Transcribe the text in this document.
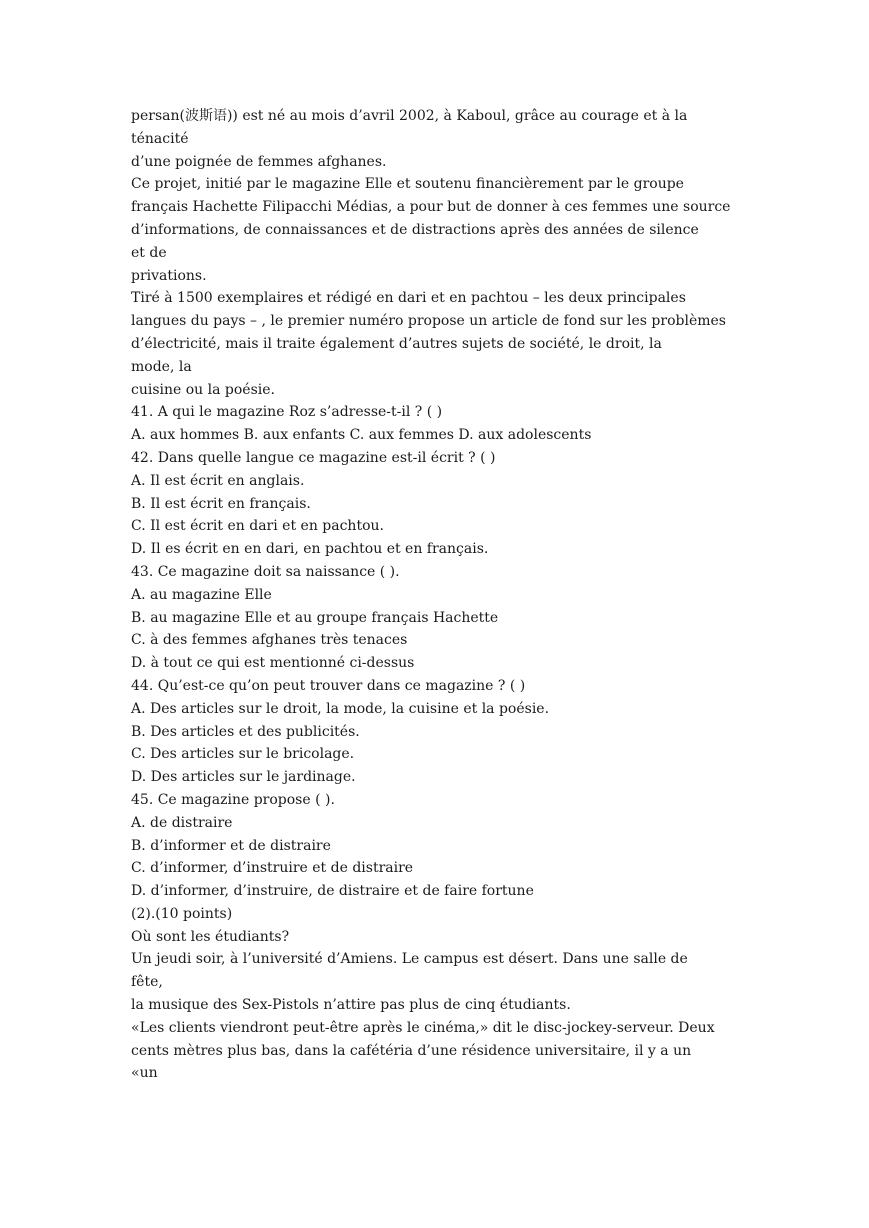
persan(波斯语)) est né au mois d’avril 2002, à Kaboul, grâce au courage et à la
ténacité
d’une poignée de femmes afghanes.
Ce projet, initié par le magazine Elle et soutenu financièrement par le groupe
français Hachette Filipacchi Médias, a pour but de donner à ces femmes une source
d’informations, de connaissances et de distractions après des années de silence
et de
privations.
Tiré à 1500 exemplaires et rédigé en dari et en pachtou – les deux principales
langues du pays – , le premier numéro propose un article de fond sur les problèmes
d’électricité, mais il traite également d’autres sujets de société, le droit, la
mode, la
cuisine ou la poésie.
41. A qui le magazine Roz s’adresse-t-il ? ( )
A. aux hommes B. aux enfants C. aux femmes D. aux adolescents
42. Dans quelle langue ce magazine est-il écrit ? ( )
A. Il est écrit en anglais.
B. Il est écrit en français.
C. Il est écrit en dari et en pachtou.
D. Il es écrit en en dari, en pachtou et en français.
43. Ce magazine doit sa naissance ( ).
A. au magazine Elle
B. au magazine Elle et au groupe français Hachette
C. à des femmes afghanes très tenaces
D. à tout ce qui est mentionné ci-dessus
44. Qu’est-ce qu’on peut trouver dans ce magazine ? ( )
A. Des articles sur le droit, la mode, la cuisine et la poésie.
B. Des articles et des publicités.
C. Des articles sur le bricolage.
D. Des articles sur le jardinage.
45. Ce magazine propose ( ).
A. de distraire
B. d’informer et de distraire
C. d’informer, d’instruire et de distraire
D. d’informer, d’instruire, de distraire et de faire fortune
(2).(10 points)
Où sont les étudiants?
Un jeudi soir, à l’université d’Amiens. Le campus est désert. Dans une salle de
fête,
la musique des Sex-Pistols n’attire pas plus de cinq étudiants.
«Les clients viendront peut-être après le cinéma,» dit le disc-jockey-serveur. Deux
cents mètres plus bas, dans la cafétéria d’une résidence universitaire, il y a un
«un
